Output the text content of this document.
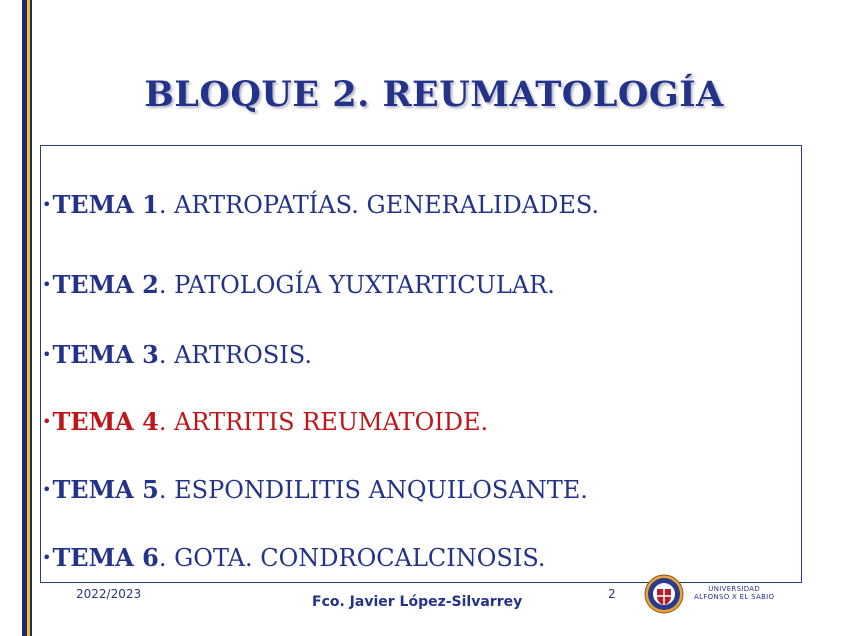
BLOQUE 2. REUMATOLOGÍA
•TEMA 1. ARTROPATÍAS. GENERALIDADES.
•TEMA 2. PATOLOGÍA YUXTARTICULAR.
•TEMA 3. ARTROSIS.
•TEMA 4. ARTRITIS REUMATOIDE.
•TEMA 5. ESPONDILITIS ANQUILOSANTE.
•TEMA 6. GOTA. CONDROCALCINOSIS.
2022/2023	Fco. Javier López-Silvarrey	2	UNIVERSIDAD
ALFONSO X EL SABIO
